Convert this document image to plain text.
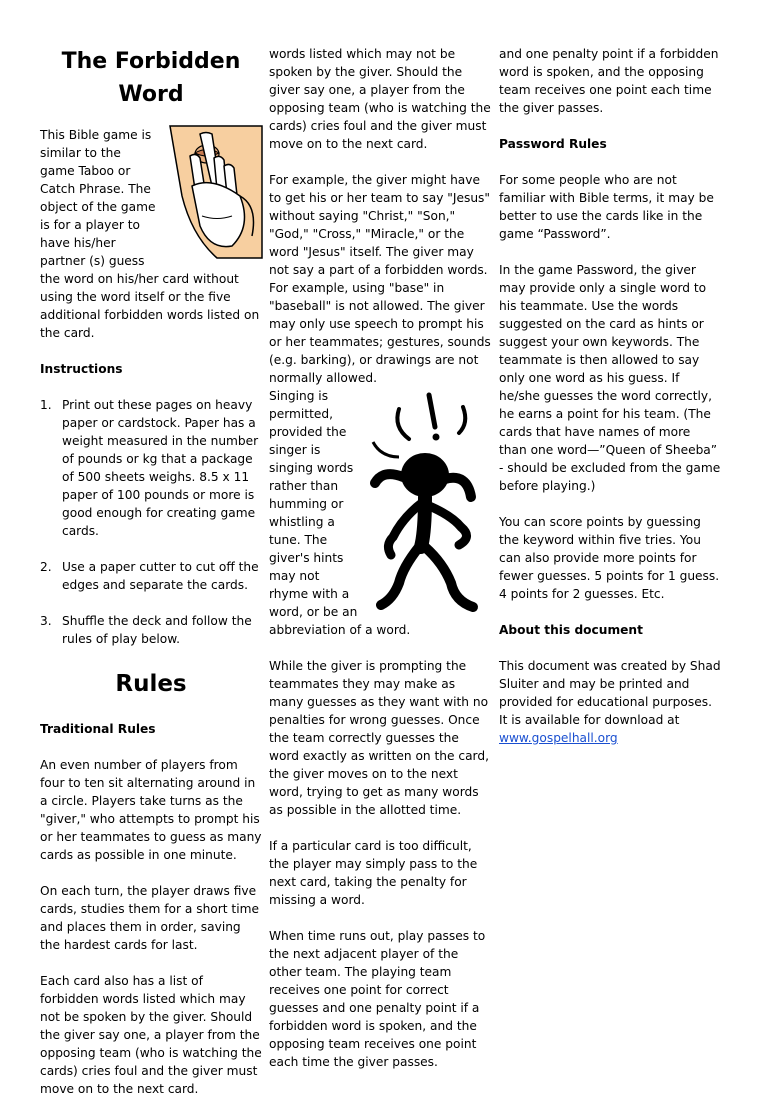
The Forbidden
Word

This Bible game is similar to the game Taboo or Catch Phrase. The object of the game is for a player to have his/her partner (s) guess the word on his/her card without using the word itself or the five additional forbidden words listed on the card.

Instructions

1. Print out these pages on heavy paper or cardstock. Paper has a weight measured in the number of pounds or kg that a package of 500 sheets weighs. 8.5 x 11 paper of 100 pounds or more is good enough for creating game cards.
2. Use a paper cutter to cut off the edges and separate the cards.
3. Shuffle the deck and follow the rules of play below.
Rules

Traditional Rules

An even number of players from four to ten sit alternating around in a circle. Players take turns as the "giver," who attempts to prompt his or her teammates to guess as many cards as possible in one minute.

On each turn, the player draws five cards, studies them for a short time and places them in order, saving the hardest cards for last.

Each card also has a list of forbidden words listed which may not be spoken by the giver. Should the giver say one, a player from the opposing team (who is watching the cards) cries foul and the giver must move on to the next card.

words listed which may not be spoken by the giver. Should the giver say one, a player from the opposing team (who is watching the cards) cries foul and the giver must move on to the next card.

For example, the giver might have to get his or her team to say "Jesus" without saying "Christ," "Son," "God," "Cross," "Miracle," or the word "Jesus" itself. The giver may not say a part of a forbidden words. For example, using "base" in "baseball" is not allowed. The giver may only use speech to prompt his or her teammates; gestures, sounds (e.g. barking), or drawings are not normally allowed.

Singing is permitted, provided the singer is singing words rather than humming or whistling a tune. The giver's hints may not rhyme with a word, or be an abbreviation of a word.

While the giver is prompting the teammates they may make as many guesses as they want with no penalties for wrong guesses. Once the team correctly guesses the word exactly as written on the card, the giver moves on to the next word, trying to get as many words as possible in the allotted time.

If a particular card is too difficult, the player may simply pass to the next card, taking the penalty for missing a word.

When time runs out, play passes to the next adjacent player of the other team. The playing team receives one point for correct guesses and one penalty point if a forbidden word is spoken, and the opposing team receives one point each time the giver passes.

and one penalty point if a forbidden word is spoken, and the opposing team receives one point each time the giver passes.

Password Rules

For some people who are not familiar with Bible terms, it may be better to use the cards like in the game “Password”.

In the game Password, the giver may provide only a single word to his teammate. Use the words suggested on the card as hints or suggest your own keywords. The teammate is then allowed to say only one word as his guess. If he/she guesses the word correctly, he earns a point for his team. (The cards that have names of more than one word—”Queen of Sheeba” - should be excluded from the game before playing.)

You can score points by guessing the keyword within five tries. You can also provide more points for fewer guesses. 5 points for 1 guess. 4 points for 2 guesses. Etc.

About this document

This document was created by Shad Sluiter and may be printed and provided for educational purposes. It is available for download at
www.gospelhall.org
